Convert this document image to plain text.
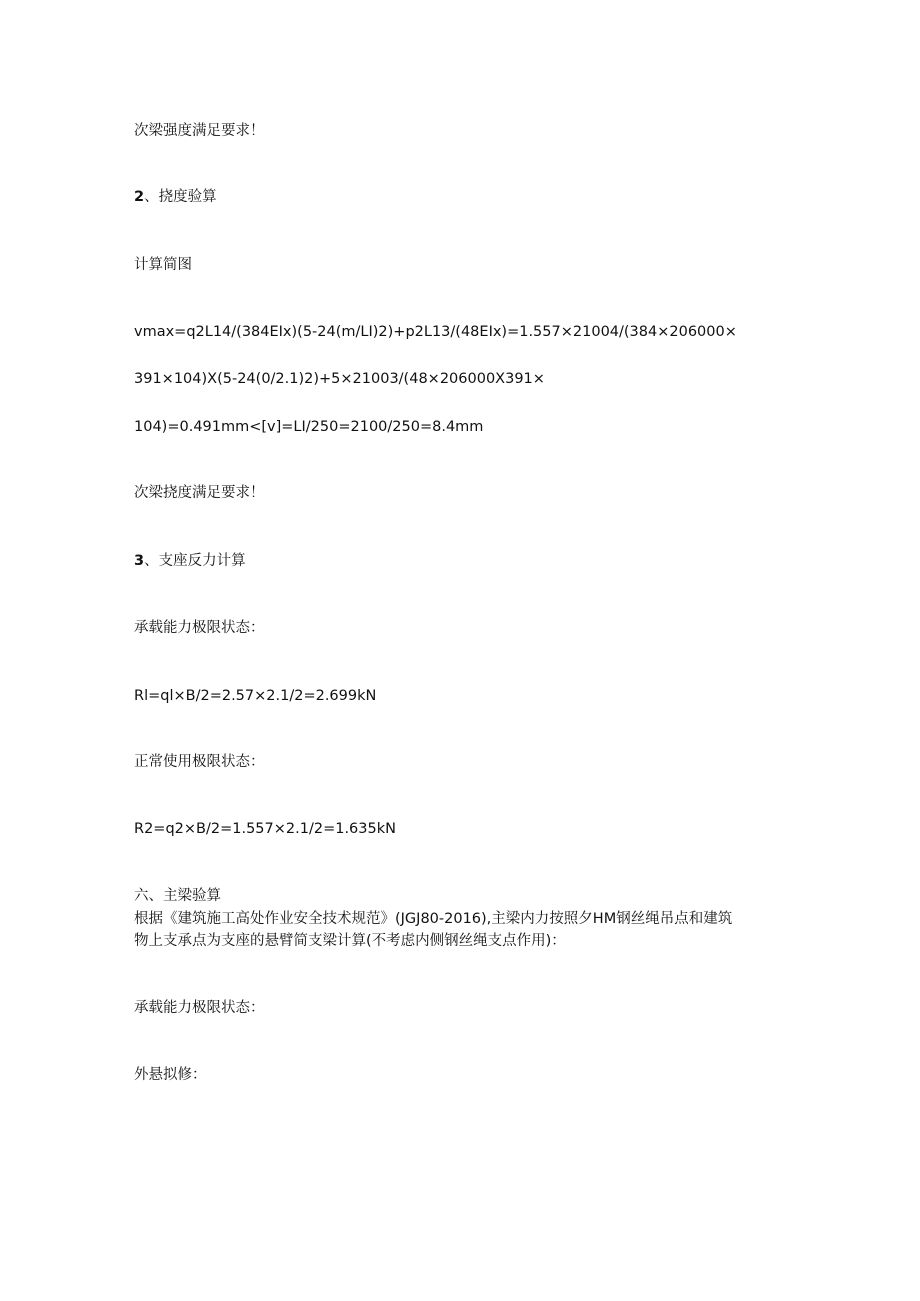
次梁强度满足要求！

2、挠度验算

计算简图

vmax=q2L14∕(384EIx)(5-24(m∕LI)2)+p2L13∕(48EIx)=1.557×21004∕(384×206000×

391×104)X(5-24(0/2.1)2)+5×21003/(48×206000X391×

104)=0.491mm<[v]=LI∕250=2100∕250=8.4mm

次梁挠度满足要求！

3、支座反力计算

承载能力极限状态：

Rl=ql×B∕2=2.57×2.1∕2=2.699kN

正常使用极限状态：

R2=q2×B∕2=1.557×2.1∕2=1.635kN

六、主梁验算

根据《建筑施工高处作业安全技术规范》(JGJ80-2016),主梁内力按照夕HM钢丝绳吊点和建筑
物上支承点为支座的悬臂简支梁计算(不考虑内侧钢丝绳支点作用)：

承载能力极限状态：

外悬拟修：
